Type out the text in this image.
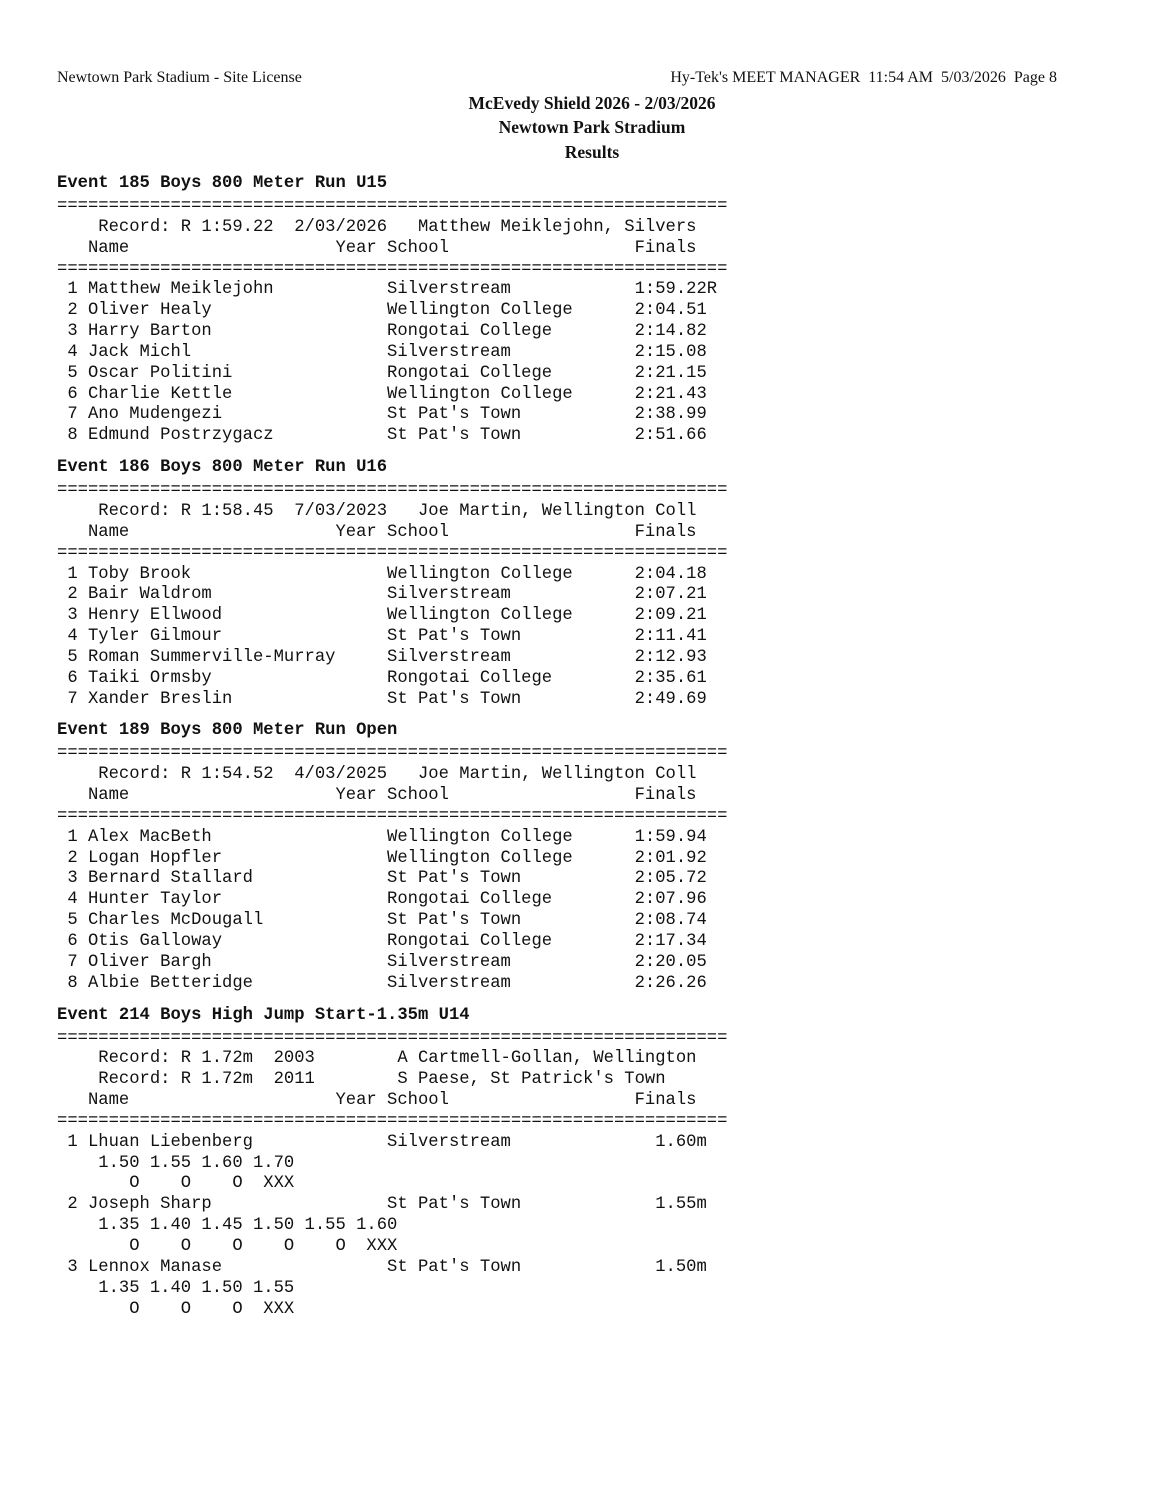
Newtown Park Stadium - Site License	Hy-Tek's MEET MANAGER  11:54 AM  5/03/2026  Page 8
McEvedy Shield 2026 - 2/03/2026
Newtown Park Stradium
Results
Event 185 Boys 800 Meter Run U15
=================================================================
Record: R 1:59.22  2/03/2026   Matthew Meiklejohn, Silvers
Name                    Year School                  Finals
=================================================================
1 Matthew Meiklejohn           Silverstream            1:59.22R
2 Oliver Healy                 Wellington College      2:04.51
3 Harry Barton                 Rongotai College        2:14.82
4 Jack Michl                   Silverstream            2:15.08
5 Oscar Politini               Rongotai College        2:21.15
6 Charlie Kettle               Wellington College      2:21.43
7 Ano Mudengezi                St Pat's Town           2:38.99
8 Edmund Postrzygacz           St Pat's Town           2:51.66
Event 186 Boys 800 Meter Run U16
=================================================================
Record: R 1:58.45  7/03/2023   Joe Martin, Wellington Coll
Name                    Year School                  Finals
=================================================================
1 Toby Brook                   Wellington College      2:04.18
2 Bair Waldrom                 Silverstream            2:07.21
3 Henry Ellwood                Wellington College      2:09.21
4 Tyler Gilmour                St Pat's Town           2:11.41
5 Roman Summerville-Murray     Silverstream            2:12.93
6 Taiki Ormsby                 Rongotai College        2:35.61
7 Xander Breslin               St Pat's Town           2:49.69
Event 189 Boys 800 Meter Run Open
=================================================================
Record: R 1:54.52  4/03/2025   Joe Martin, Wellington Coll
Name                    Year School                  Finals
=================================================================
1 Alex MacBeth                 Wellington College      1:59.94
2 Logan Hopfler                Wellington College      2:01.92
3 Bernard Stallard             St Pat's Town           2:05.72
4 Hunter Taylor                Rongotai College        2:07.96
5 Charles McDougall            St Pat's Town           2:08.74
6 Otis Galloway                Rongotai College        2:17.34
7 Oliver Bargh                 Silverstream            2:20.05
8 Albie Betteridge             Silverstream            2:26.26
Event 214 Boys High Jump Start-1.35m U14
=================================================================
Record: R 1.72m  2003        A Cartmell-Gollan, Wellington
Record: R 1.72m  2011        S Paese, St Patrick's Town
Name                    Year School                  Finals
=================================================================
1 Lhuan Liebenberg             Silverstream              1.60m
1.50 1.55 1.60 1.70
O    O    O  XXX
2 Joseph Sharp                 St Pat's Town             1.55m
1.35 1.40 1.45 1.50 1.55 1.60
O    O    O    O    O  XXX
3 Lennox Manase                St Pat's Town             1.50m
1.35 1.40 1.50 1.55
O    O    O  XXX
